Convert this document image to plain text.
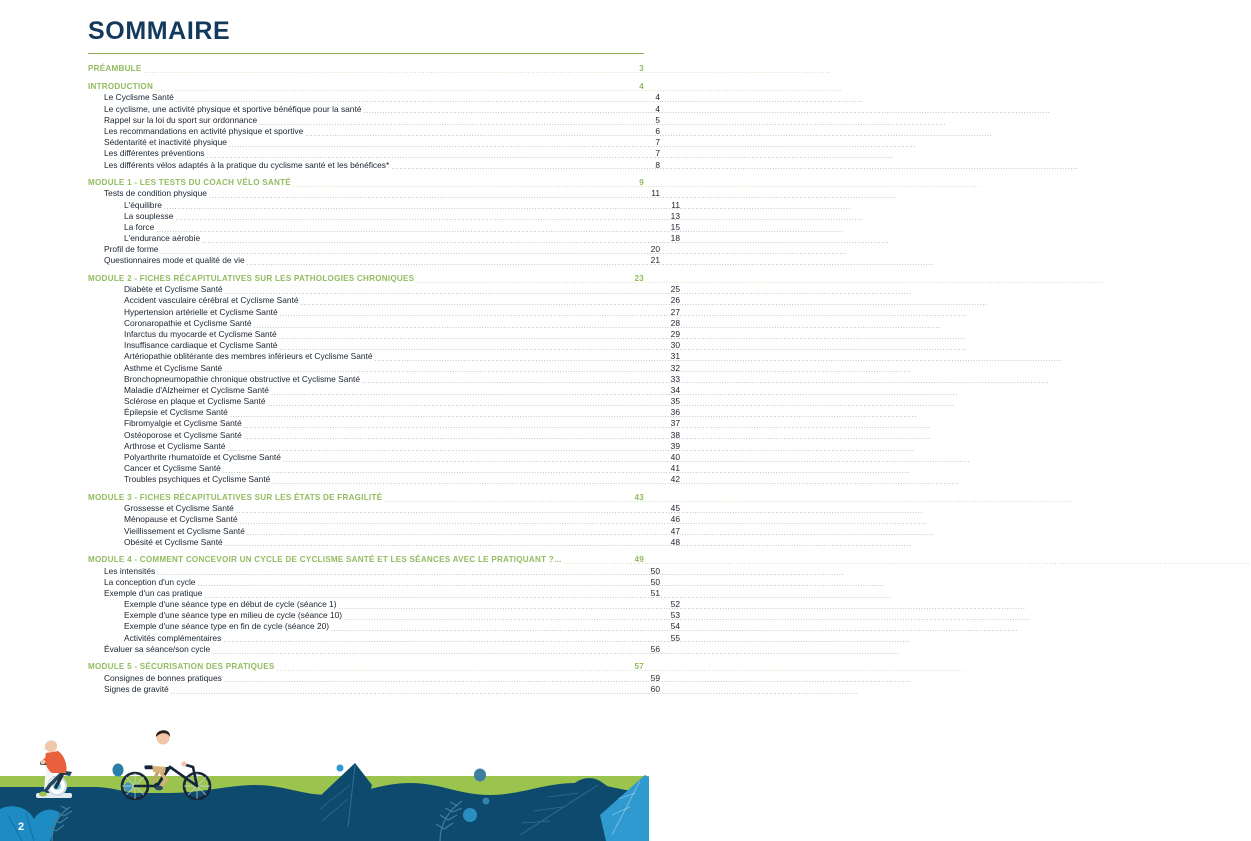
SOMMAIRE
PRÉAMBULE .....	3
INTRODUCTION .....	4
Le Cyclisme Santé .....	4
Le cyclisme, une activité physique et sportive bénéfique pour la santé .....	4
Rappel sur la loi du sport sur ordonnance .....	5
Les recommandations en activité physique et sportive .....	6
Sédentarité et inactivité physique .....	7
Les différentes préventions .....	7
Les différents vélos adaptés à la pratique du cyclisme santé et les bénéfices* .....	8
MODULE 1 - LES TESTS DU COACH VÉLO SANTÉ .....	9
Tests de condition physique .....	11
L'équilibre .....	11
La souplesse .....	13
La force .....	15
L'endurance aérobie .....	18
Profil de forme .....	20
Questionnaires mode et qualité de vie .....	21
MODULE 2 - FICHES RÉCAPITULATIVES SUR LES PATHOLOGIES CHRONIQUES .....	23
Diabète et Cyclisme Santé .....	25
Accident vasculaire cérébral et Cyclisme Santé .....	26
Hypertension artérielle et Cyclisme Santé .....	27
Coronaropathie et Cyclisme Santé .....	28
Infarctus du myocarde et Cyclisme Santé .....	29
Insuffisance cardiaque et Cyclisme Santé .....	30
Artériopathie oblitérante des membres inférieurs et Cyclisme Santé .....	31
Asthme et Cyclisme Santé .....	32
Bronchopneumopathie chronique obstructive et Cyclisme Santé .....	33
Maladie d'Alzheimer et Cyclisme Santé .....	34
Sclérose en plaque et Cyclisme Santé .....	35
Épilepsie et Cyclisme Santé .....	36
Fibromyalgie et Cyclisme Santé .....	37
Ostéoporose et Cyclisme Santé .....	38
Arthrose et Cyclisme Santé .....	39
Polyarthrite rhumatoïde et Cyclisme Santé .....	40
Cancer et Cyclisme Santé .....	41
Troubles psychiques et Cyclisme Santé .....	42
MODULE 3 - FICHES RÉCAPITULATIVES SUR LES ÉTATS DE FRAGILITÉ .....	43
Grossesse et Cyclisme Santé .....	45
Ménopause et Cyclisme Santé .....	46
Vieillissement et Cyclisme Santé .....	47
Obésité et Cyclisme Santé .....	48
MODULE 4 - COMMENT CONCEVOIR UN CYCLE DE CYCLISME SANTÉ ET LES SÉANCES AVEC LE PRATIQUANT ?... .....	49
Les intensités .....	50
La conception d'un cycle .....	50
Exemple d'un cas pratique .....	51
Exemple d'une séance type en début de cycle (séance 1) .....	52
Exemple d'une séance type en milieu de cycle (séance 10) .....	53
Exemple d'une séance type en fin de cycle (séance 20) .....	54
Activités complémentaires .....	55
Évaluer sa séance/son cycle .....	56
MODULE 5 - SÉCURISATION DES PRATIQUES .....	57
Consignes de bonnes pratiques .....	59
Signes de gravité .....	60
2
